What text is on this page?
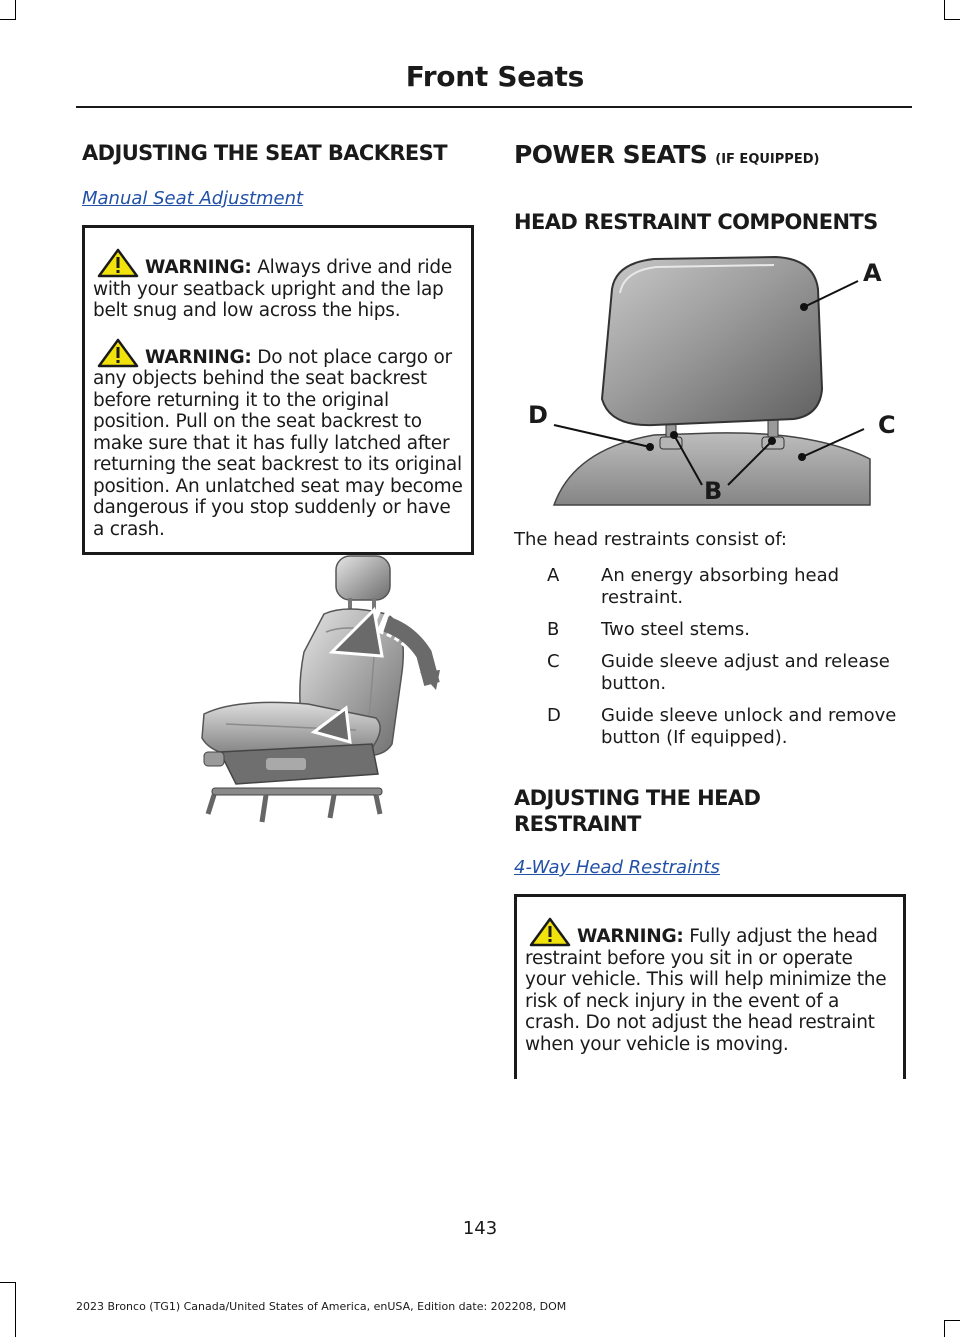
Front Seats
ADJUSTING THE SEAT BACKREST
Manual Seat Adjustment

WARNING: Always drive and ride with your seatback upright and the lap belt snug and low across the hips.

WARNING: Do not place cargo or any objects behind the seat backrest before returning it to the original position. Pull on the seat backrest to make sure that it has fully latched after returning the seat backrest to its original position. An unlatched seat may become dangerous if you stop suddenly or have a crash.

POWER SEATS (IF EQUIPPED)
HEAD RESTRAINT COMPONENTS
A
C
D
B
The head restraints consist of:
A	An energy absorbing head restraint.
B	Two steel stems.
C	Guide sleeve adjust and release button.
D	Guide sleeve unlock and remove button (If equipped).
ADJUSTING THE HEAD RESTRAINT
4-Way Head Restraints

WARNING: Fully adjust the head restraint before you sit in or operate your vehicle. This will help minimize the risk of neck injury in the event of a crash. Do not adjust the head restraint when your vehicle is moving.

143
2023 Bronco (TG1) Canada/United States of America, enUSA, Edition date: 202208, DOM
